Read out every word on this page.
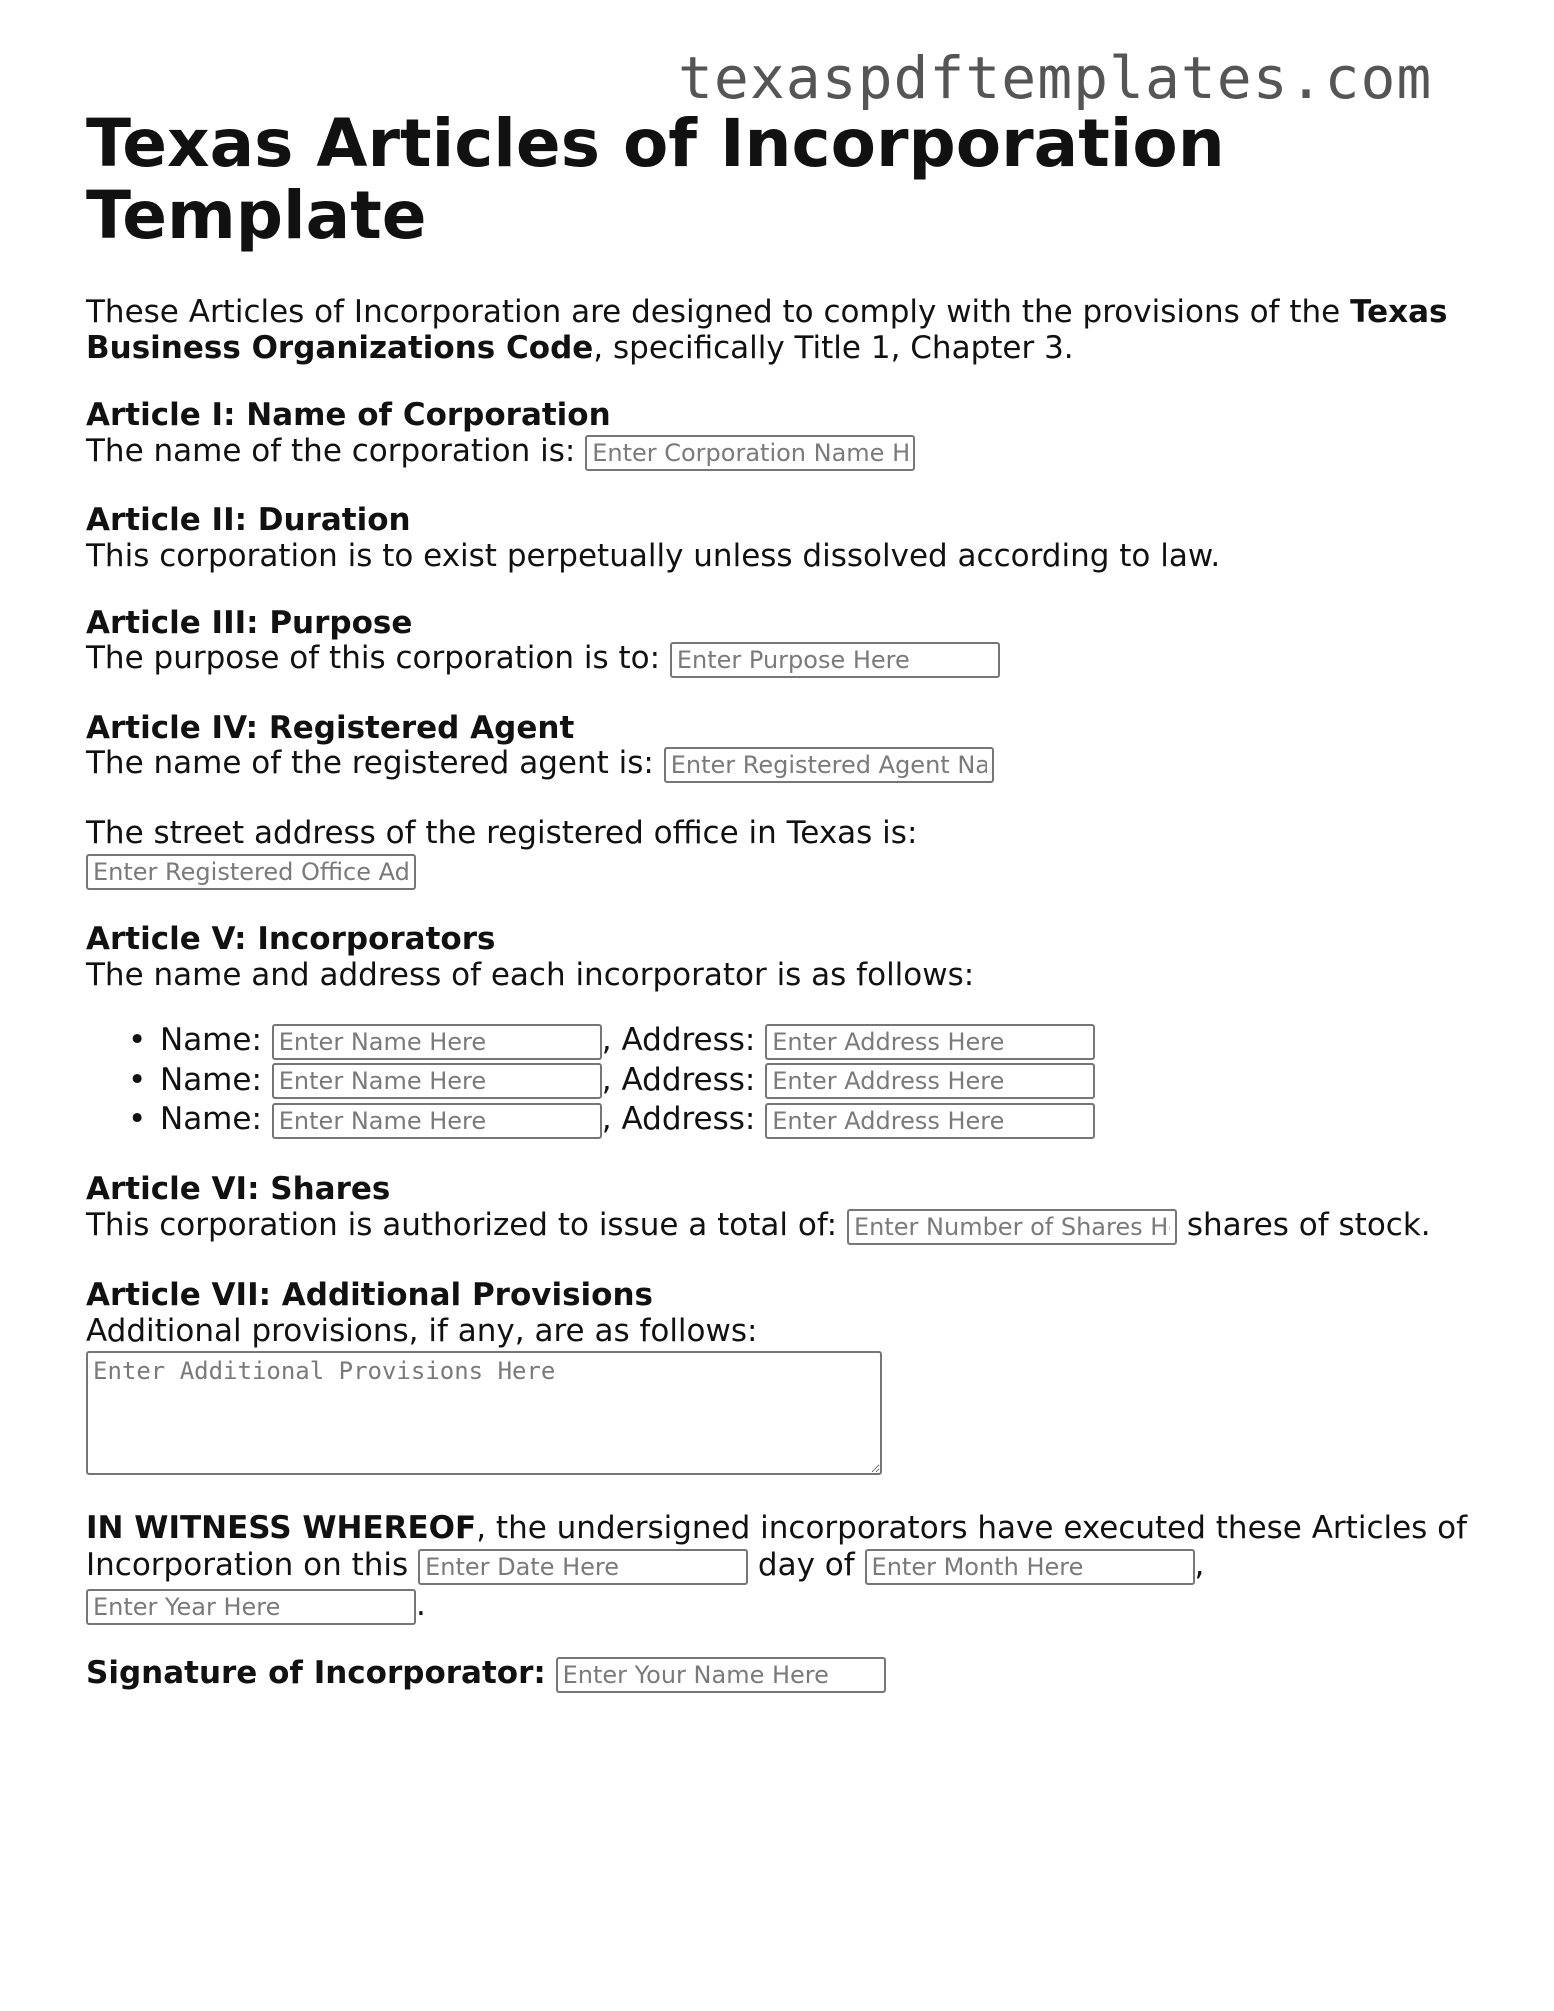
texaspdftemplates.com
Texas Articles of Incorporation Template
These Articles of Incorporation are designed to comply with the provisions of the Texas Business Organizations Code, specifically Title 1, Chapter 3.
Article I: Name of Corporation
The name of the corporation is: Enter Corporation Name Here
Article II: Duration
This corporation is to exist perpetually unless dissolved according to law.
Article III: Purpose
The purpose of this corporation is to: Enter Purpose Here
Article IV: Registered Agent
The name of the registered agent is: Enter Registered Agent Name Here
The street address of the registered office in Texas is:
Enter Registered Office Address Here
Article V: Incorporators
The name and address of each incorporator is as follows:
• Name: Enter Name Here	, Address: Enter Address Here
• Name: Enter Name Here	, Address: Enter Address Here
• Name: Enter Name Here	, Address: Enter Address Here
Article VI: Shares
This corporation is authorized to issue a total of: Enter Number of Shares Here	shares of stock.
Article VII: Additional Provisions
Additional provisions, if any, are as follows:
Enter Additional Provisions Here
IN WITNESS WHEREOF, the undersigned incorporators have executed these Articles of
Incorporation on this Enter Date Here	day of Enter Month Here	,
Enter Year Here.
Signature of Incorporator: Enter Your Name Here
